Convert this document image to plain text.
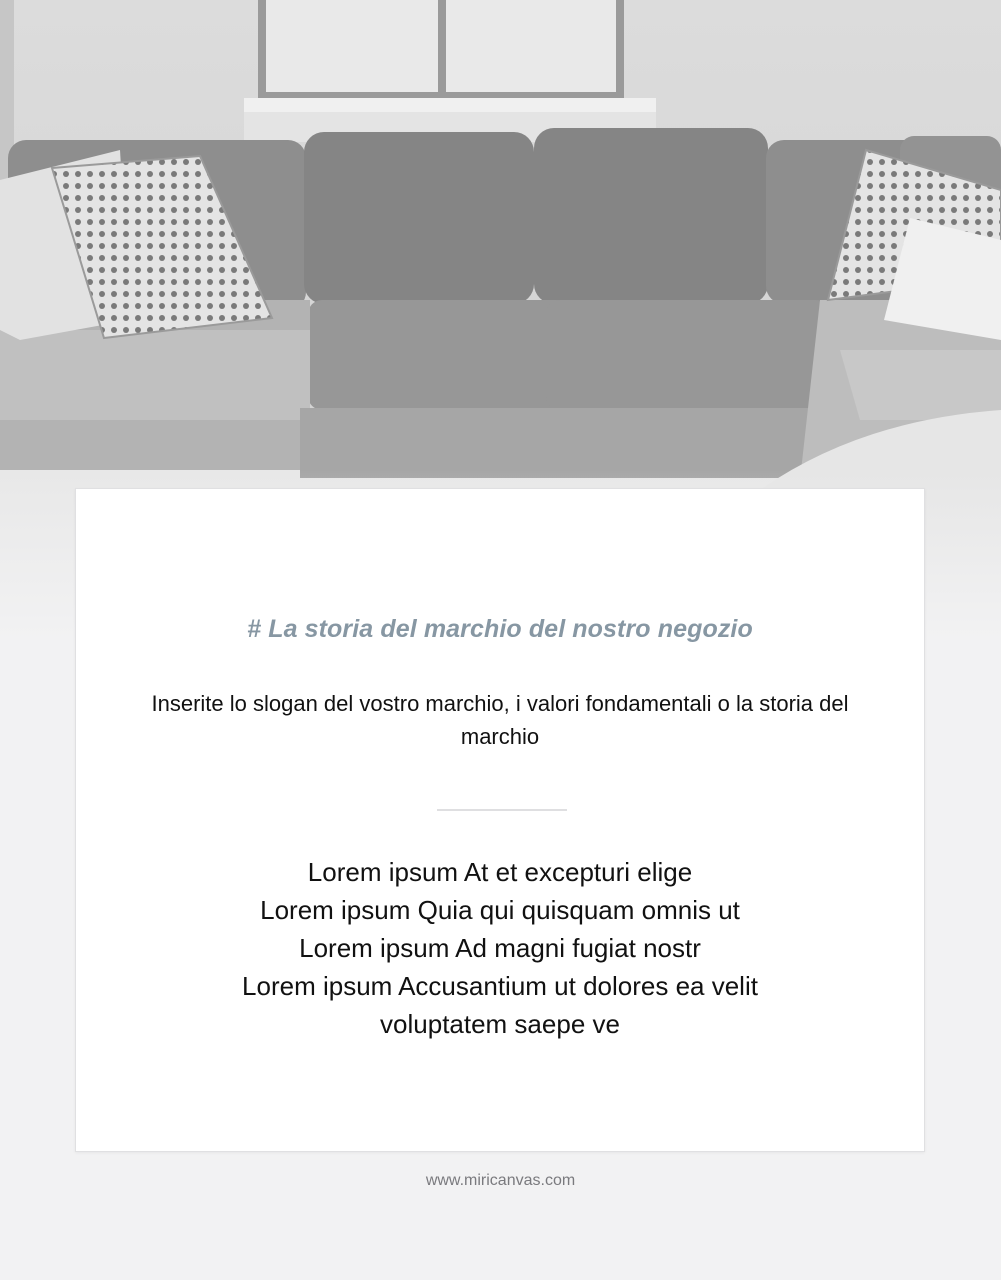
# La storia del marchio del nostro negozio
Inserite lo slogan del vostro marchio, i valori fondamentali o la storia del marchio
Lorem ipsum At et excepturi elige
Lorem ipsum Quia qui quisquam omnis ut
Lorem ipsum Ad magni fugiat nostr
Lorem ipsum Accusantium ut dolores ea velit
voluptatem saepe ve
www.miricanvas.com
